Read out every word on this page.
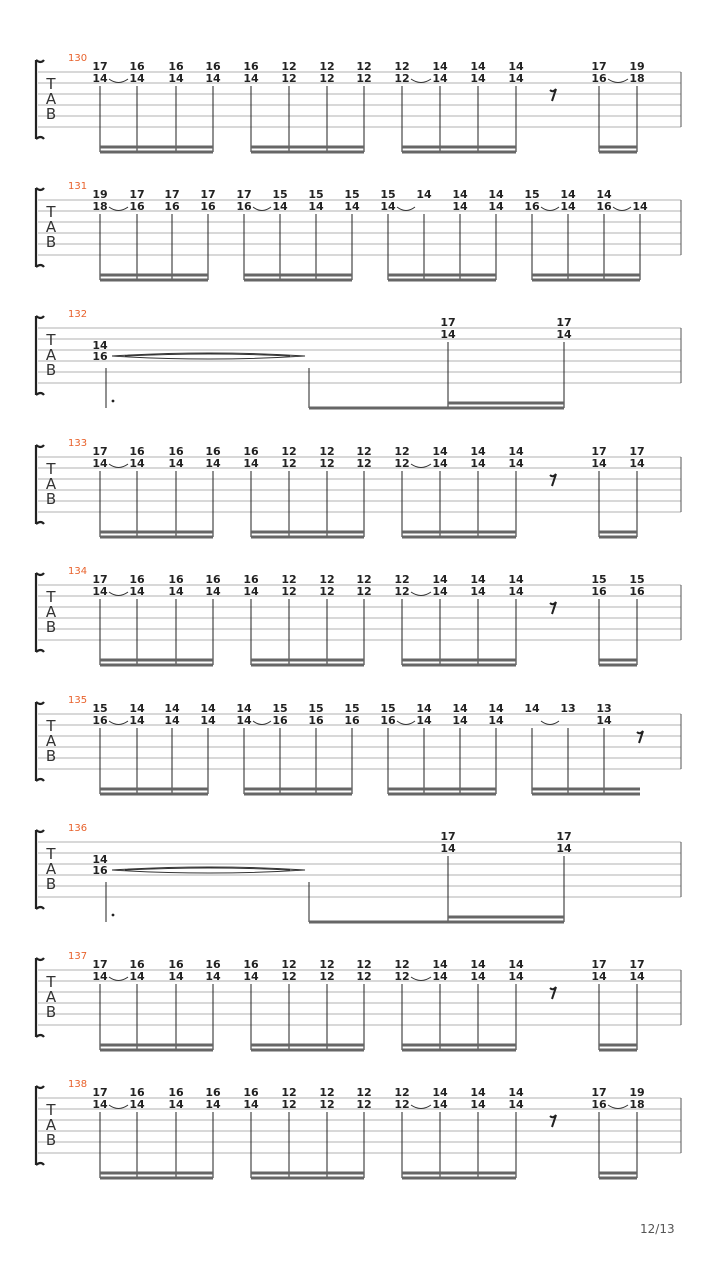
T
A
B
130
17
14
16
14
16
14
16
14
16
14
12
12
12
12
12
12
12
12
14
14
14
14
14
14
17
16
19
18
T
A
B
131
19
18
17
16
17
16
17
16
17
16
15
14
15
14
15
14
15
14
14 14
14
14
14
15
16
14
14
14
16 14
T
A
B
132
14
16
17
14
17
14
T
A
B
133
17
14
16
14
16
14
16
14
16
14
12
12
12
12
12
12
12
12
14
14
14
14
14
14
17
14
17
14
T
A
B
134
17
14
16
14
16
14
16
14
16
14
12
12
12
12
12
12
12
12
14
14
14
14
14
14
15
16
15
16
T
A
B
135
15
16
14
14
14
14
14
14
14
14
15
16
15
16
15
16
15
16
14
14
14
14
14
14
14 13 13
14
T
A
B
136
14
16
17
14
17
14
T
A
B
137
17
14
16
14
16
14
16
14
16
14
12
12
12
12
12
12
12
12
14
14
14
14
14
14
17
14
17
14
T
A
B
138
17
14
16
14
16
14
16
14
16
14
12
12
12
12
12
12
12
12
14
14
14
14
14
14
17
16
19
18
12/13
